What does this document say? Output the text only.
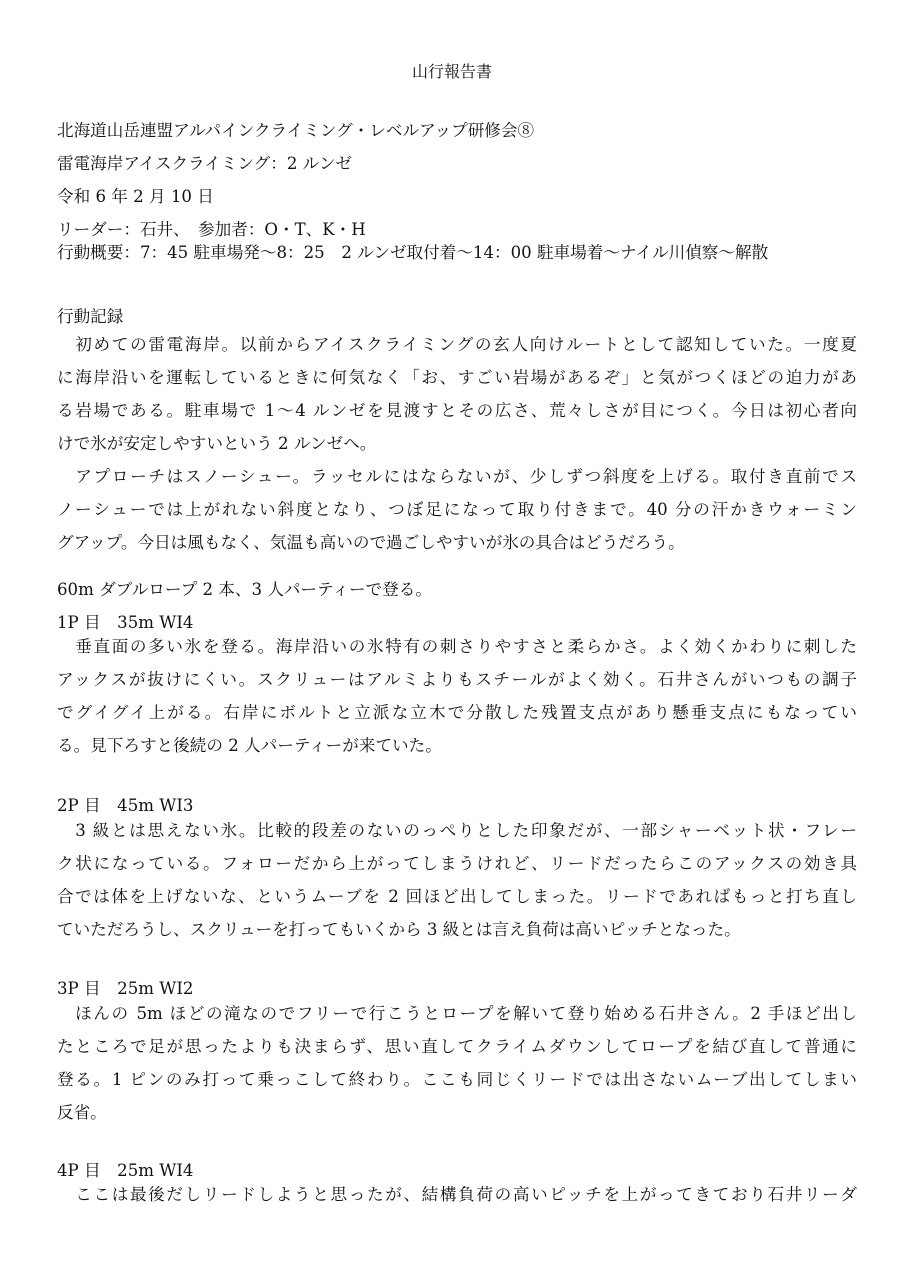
山行報告書
北海道山岳連盟アルパインクライミング・レベルアップ研修会⑧
雷電海岸アイスクライミング：2 ルンゼ
令和 6 年 2 月 10 日
リーダー：石井、　参加者：O・T、K・H
行動概要：7：45 駐車場発～8：25　2 ルンゼ取付着～14：00 駐車場着～ナイル川偵察～解散
行動記録
　初めての雷電海岸。以前からアイスクライミングの玄人向けルートとして認知していた。一度夏
に海岸沿いを運転しているときに何気なく「お、すごい岩場があるぞ」と気がつくほどの迫力があ
る岩場である。駐車場で 1～4 ルンゼを見渡すとその広さ、荒々しさが目につく。今日は初心者向
けで氷が安定しやすいという 2 ルンゼへ。
　アプローチはスノーシュー。ラッセルにはならないが、少しずつ斜度を上げる。取付き直前でス
ノーシューでは上がれない斜度となり、つぼ足になって取り付きまで。40 分の汗かきウォーミン
グアップ。今日は風もなく、気温も高いので過ごしやすいが氷の具合はどうだろう。
60m ダブルロープ 2 本、3 人パーティーで登る。
1P 目　35m WI4
　垂直面の多い氷を登る。海岸沿いの氷特有の刺さりやすさと柔らかさ。よく効くかわりに刺した
アックスが抜けにくい。スクリューはアルミよりもスチールがよく効く。石井さんがいつもの調子
でグイグイ上がる。右岸にボルトと立派な立木で分散した残置支点があり懸垂支点にもなってい
る。見下ろすと後続の 2 人パーティーが来ていた。
2P 目　45m WI3
　3 級とは思えない氷。比較的段差のないのっぺりとした印象だが、一部シャーベット状・フレー
ク状になっている。フォローだから上がってしまうけれど、リードだったらこのアックスの効き具
合では体を上げないな、というムーブを 2 回ほど出してしまった。リードであればもっと打ち直し
ていただろうし、スクリューを打ってもいくから 3 級とは言え負荷は高いピッチとなった。
3P 目　25m WI2
　ほんの 5m ほどの滝なのでフリーで行こうとロープを解いて登り始める石井さん。2 手ほど出し
たところで足が思ったよりも決まらず、思い直してクライムダウンしてロープを結び直して普通に
登る。1 ピンのみ打って乗っこして終わり。ここも同じくリードでは出さないムーブ出してしまい
反省。
4P 目　25m WI4
　ここは最後だしリードしようと思ったが、結構負荷の高いピッチを上がってきており石井リーダ
